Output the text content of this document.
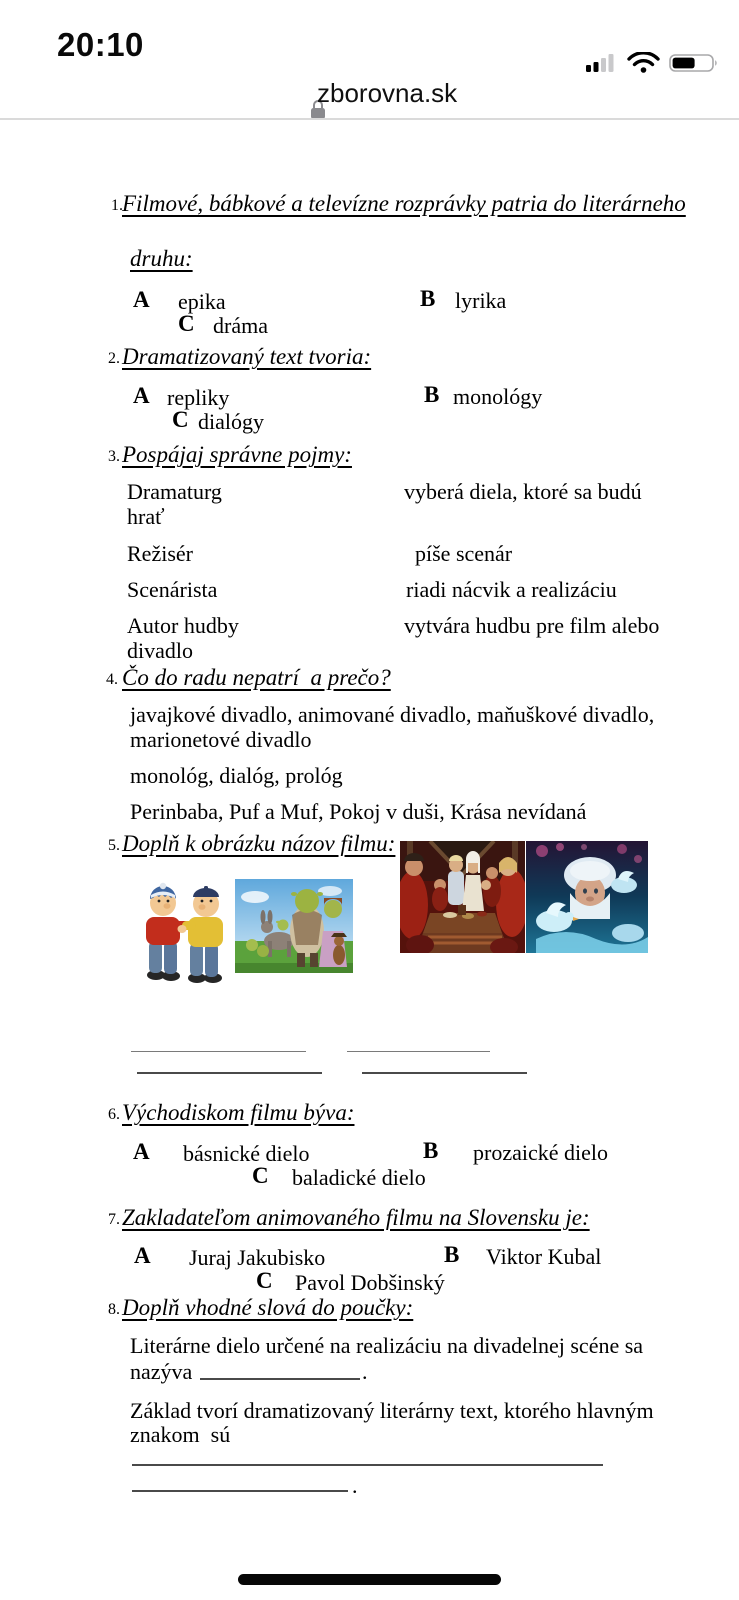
20:10

zborovna.sk
1. Filmové, bábkové a televízne rozprávky patria do literárneho
druhu:
A epika	B lyrika
C dráma
2. Dramatizovaný text tvoria:
A repliky	B monológy
C dialógy
3. Pospájaj správne pojmy:
Dramaturg	vyberá diela, ktoré sa budú
hrať
Režisér	píše scenár
Scenárista	riadi nácvik a realizáciu
Autor hudby	vytvára hudbu pre film alebo
divadlo
4. Čo do radu nepatrí  a prečo?
javajkové divadlo, animované divadlo, maňuškové divadlo,
marionetové divadlo
monológ, dialóg, prológ
Perinbaba, Puf a Muf, Pokoj v duši, Krása nevídaná
5. Doplň k obrázku názov filmu:
6. Východiskom filmu býva:
A básnické dielo	B prozaické dielo
C baladické dielo
7. Zakladateľom animovaného filmu na Slovensku je:
A Juraj Jakubisko	B Viktor Kubal
C Pavol Dobšinský
8. Doplň vhodné slová do poučky:
Literárne dielo určené na realizáciu na divadelnej scéne sa
nazýva	.
Základ tvorí dramatizovaný literárny text, ktorého hlavným
znakom  sú
.
